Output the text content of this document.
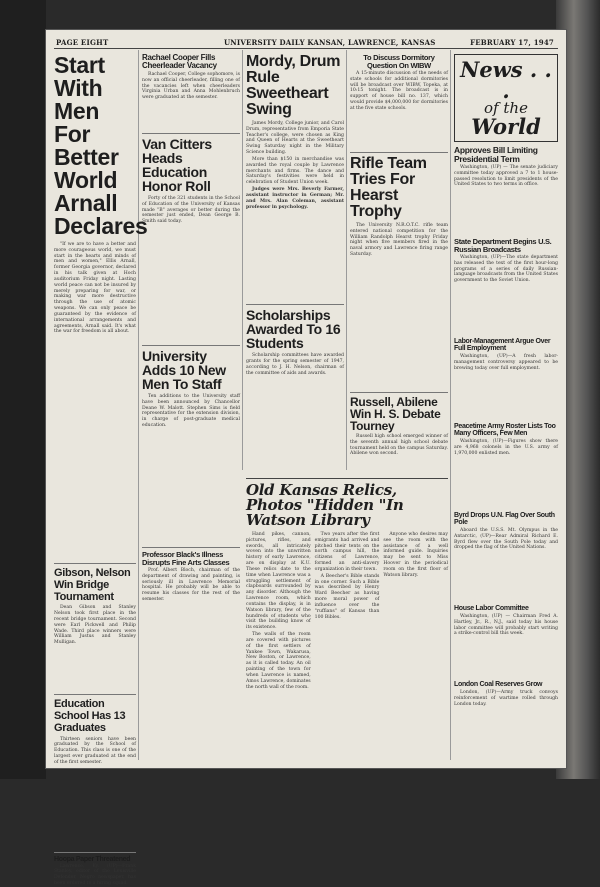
PAGE EIGHT	UNIVERSITY DAILY KANSAN, LAWRENCE, KANSAS	FEBRUARY 17, 1947
Start With Men For Better World Arnall Declares

"If we are to have a better and more courageous world, we must start in the hearts and minds of men and women," Ellis Arnall, former Georgia governor, declared in his talk given at Hoch auditorium Friday night. Lasting world peace can not be insured by merely preparing for war, or making war more destructive through the use of atomic weapons. We can only peace be guaranteed by the evidence of international arrangements and agreements, Arnall said. It's what the war for freedom is all about.

Gibson, Nelson Win Bridge Tournament

Dean Gibson and Stanley Nelson took first place in the recent bridge tournament. Second were Earl Pickwell and Philip Wade. Third place winners were William Justus and Stanley Mulligan.

Education School Has 13 Graduates

Thirteen seniors have been graduated by the School of Education. This class is one of the largest ever graduated at the end of the first semester.

Hoopa Paper Threatened

Lawrence, Ky. (UP)—Frank Stanley, editor of the Louisville Defender, Negro newspaper, has been ordered to a hiring squad.

Rachael Cooper Fills Cheerleader Vacancy

Rachael Cooper, College sophomore, is now an official cheerleader, filling one of the vacancies left when cheerleaders Virginia Urban and Anna Mohlenbruch were graduated at the semester.

Van Citters Heads Education Honor Roll

Forty of the 321 students in the School of Education of the University of Kansas made "B" averages or better during the semester just ended, Dean George B. Smith said today.

University Adds 10 New Men To Staff

Ten additions to the University staff have been announced by Chancellor Deane W. Malott. Stephen Sims is field representative for the extension division, in charge of post-graduate medical education.

Professor Black's Illness Disrupts Fine Arts Classes

Prof. Albert Bloch, chairman of the department of drawing and painting, is seriously ill in Lawrence Memorial hospital. He probably will be able to resume his classes for the rest of the semester.

Mordy, Drum Rule Sweetheart Swing

James Mordy, College junior, and Carol Drum, representative from Emporia State Teacher's college, were chosen as King and Queen of Hearts at the Sweetheart Swing Saturday night in the Military Science building.

More than $150 in merchandise was awarded the royal couple by Lawrence merchants and firms. The dance and Saturday's festivities were held in celebration of Student Union week.

Judges were Mrs. Beverly Farmer, assistant instructor in German; Mr. and Mrs. Alan Coleman, assistant professor in psychology.

Scholarships Awarded To 16 Students

Scholarship committees have awarded grants for the spring semester of 1947, according to J. H. Nelson, chairman of the committee of aids and awards.

To Discuss Dormitory Question On WIBW

A 15-minute discussion of the needs of state schools for additional dormitories will be broadcast over WIBW, Topeka, at 10:15 tonight. The broadcast is in support of house bill no. 137, which would provide $4,000,000 for dormitories at the five state schools.

Rifle Team Tries For Hearst Trophy

The University N.R.O.T.C. rifle team entered national competition for the William Randolph Hearst trophy Friday night when five members fired in the naval armory and Lawrence firing range Saturday.

Russell, Abilene Win H. S. Debate Tourney

Russell high school emerged winner of the seventh annual high school debate tournament held on the campus Saturday. Abilene won second.

News . . .
of the
World
Approves Bill Limiting Presidential Term

Washington, (UP) — The senate judiciary committee today approved a 7 to 1 house-passed resolution to limit presidents of the United States to two terms in office.

State Department Begins U.S. Russian Broadcasts

Washington, (UP)—The state department has released the text of the first hour-long programs of a series of daily Russian-language broadcasts from the United States government to the Soviet Union.

Labor-Management Argue Over Full Employment

Washington, (UP)—A fresh labor-management controversy appeared to be brewing today over full employment.

Peacetime Army Roster Lists Too Many Officers, Few Men

Washington, (UP)—Figures show there are 4,968 colonels in the U.S. army of 1,970,000 enlisted men.

Byrd Drops U.N. Flag Over South Pole

Aboard the U.S.S. Mt. Olympus in the Antarctic, (UP)—Rear Admiral Richard E. Byrd flew over the South Pole today and dropped the flag of the United Nations.

House Labor Committee

Washington, (UP) — Chairman Fred A. Hartley, Jr., R., N.J., said today his house labor committee will probably start writing a strike-control bill this week.

London Coal Reserves Grow

London, (UP)—Army truck convoys reinforcement of wartime rolled through London today.

Old Kansas Relics, Photos "Hidden "In Watson Library

Hand pikes, cannon, pictures, rifles, and swords, all intricately woven into the unwritten history of early Lawrence, are on display at K.U. These relics date to the time when Lawrence was a struggling settlement of clapboards surrounded by any disorder. Although the Lawrence room, which contains the display, is in Watson library, few of the hundreds of students who visit the building know of its existence.

The walls of the room are covered with pictures of the first settlers of Yankee Town, Wakarusa, New Boston, or Lawrence, as it is called today. An oil painting of the town for when Lawrence is named, Amos Lawrence, dominates the north wall of the room.

Two years after the first emigrants had arrived and pitched their tents on the north campus hill, the citizens of Lawrence, formed an anti-slavery organization in their town.

A Beecher's Bible stands in one corner. Such a Bible was described by Henry Ward Beecher as having more moral power of influence over the "ruffians" of Kansas than 100 Bibles.

Anyone who desires may see the room with the assistance of a well informed guide. Inquiries may be sent to Miss Hoover in the periodical room on the first floor of Watson library.
